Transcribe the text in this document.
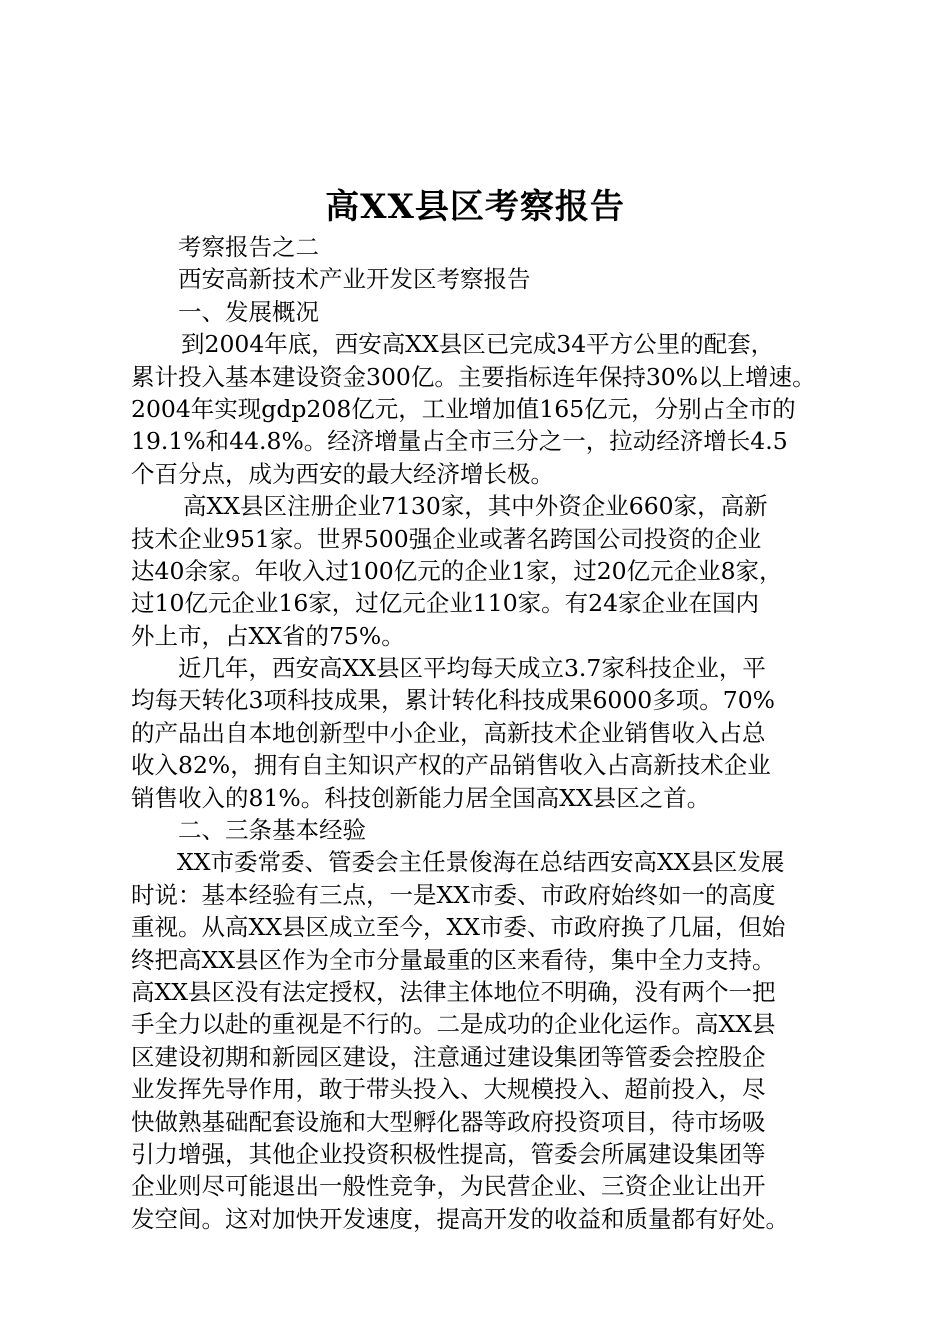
高XX县区考察报告
考察报告之二
西安高新技术产业开发区考察报告
一、发展概况
到2004年底，西安高XX县区已完成34平方公里的配套，
累计投入基本建设资金300亿。主要指标连年保持30%以上增速。
2004年实现gdp208亿元，工业增加值165亿元，分别占全市的
19.1%和44.8%。经济增量占全市三分之一，拉动经济增长4.5
个百分点，成为西安的最大经济增长极。
高XX县区注册企业7130家，其中外资企业660家，高新
技术企业951家。世界500强企业或著名跨国公司投资的企业
达40余家。年收入过100亿元的企业1家，过20亿元企业8家，
过10亿元企业16家，过亿元企业110家。有24家企业在国内
外上市，占XX省的75%。
近几年，西安高XX县区平均每天成立3.7家科技企业，平
均每天转化3项科技成果，累计转化科技成果6000多项。70%
的产品出自本地创新型中小企业，高新技术企业销售收入占总
收入82%，拥有自主知识产权的产品销售收入占高新技术企业
销售收入的81%。科技创新能力居全国高XX县区之首。
二、三条基本经验
XX市委常委、管委会主任景俊海在总结西安高XX县区发展
时说：基本经验有三点，一是XX市委、市政府始终如一的高度
重视。从高XX县区成立至今，XX市委、市政府换了几届，但始
终把高XX县区作为全市分量最重的区来看待，集中全力支持。
高XX县区没有法定授权，法律主体地位不明确，没有两个一把
手全力以赴的重视是不行的。二是成功的企业化运作。高XX县
区建设初期和新园区建设，注意通过建设集团等管委会控股企
业发挥先导作用，敢于带头投入、大规模投入、超前投入，尽
快做熟基础配套设施和大型孵化器等政府投资项目，待市场吸
引力增强，其他企业投资积极性提高，管委会所属建设集团等
企业则尽可能退出一般性竞争，为民营企业、三资企业让出开
发空间。这对加快开发速度，提高开发的收益和质量都有好处。
